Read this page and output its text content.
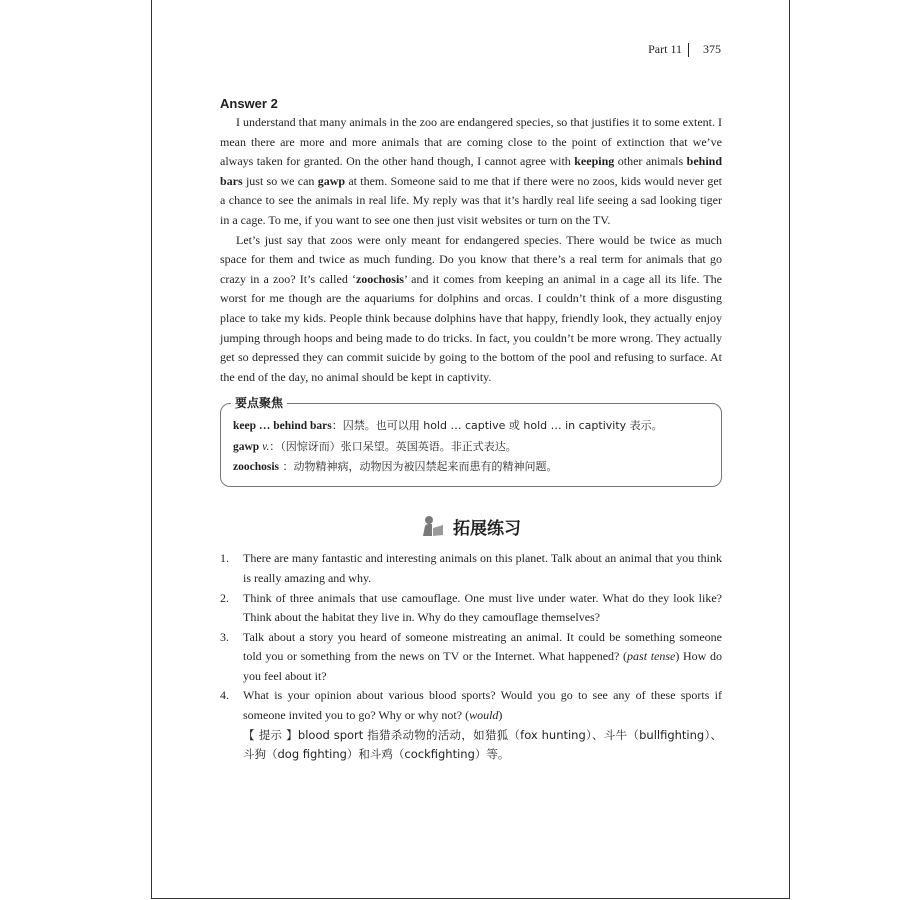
Part 11 375
Answer 2

I understand that many animals in the zoo are endangered species, so that justifies it to some extent. I mean there are more and more animals that are coming close to the point of extinction that we’ve always taken for granted. On the other hand though, I cannot agree with keeping other animals behind bars just so we can gawp at them. Someone said to me that if there were no zoos, kids would never get a chance to see the animals in real life. My reply was that it’s hardly real life seeing a sad looking tiger in a cage. To me, if you want to see one then just visit websites or turn on the TV.

Let’s just say that zoos were only meant for endangered species. There would be twice as much space for them and twice as much funding. Do you know that there’s a real term for animals that go crazy in a zoo? It’s called ‘zoochosis’ and it comes from keeping an animal in a cage all its life. The worst for me though are the aquariums for dolphins and orcas. I couldn’t think of a more disgusting place to take my kids. People think because dolphins have that happy, friendly look, they actually enjoy jumping through hoops and being made to do tricks. In fact, you couldn’t be more wrong. They actually get so depressed they can commit suicide by going to the bottom of the pool and refusing to surface. At the end of the day, no animal should be kept in captivity.

要点聚焦

keep … behind bars：囚禁。也可以用 hold … captive 或 hold … in captivity 表示。

gawp v.：（因惊讶而）张口呆望。英国英语。非正式表达。

zoochosis ：动物精神病，动物因为被囚禁起来而患有的精神问题。

拓展练习
1.	There are many fantastic and interesting animals on this planet. Talk about an animal that you think is really amazing and why.
2.	Think of three animals that use camouflage. One must live under water. What do they look like? Think about the habitat they live in. Why do they camouflage themselves?
3.	Talk about a story you heard of someone mistreating an animal. It could be something someone told you or something from the news on TV or the Internet. What happened? (past tense) How do you feel about it?
4.	What is your opinion about various blood sports? Would you go to see any of these sports if someone invited you to go? Why or why not? (would)
【 提示 】blood sport 指猎杀动物的活动，如猎狐（fox hunting）、斗牛（bullfighting）、斗狗（dog fighting）和斗鸡（cockfighting）等。
